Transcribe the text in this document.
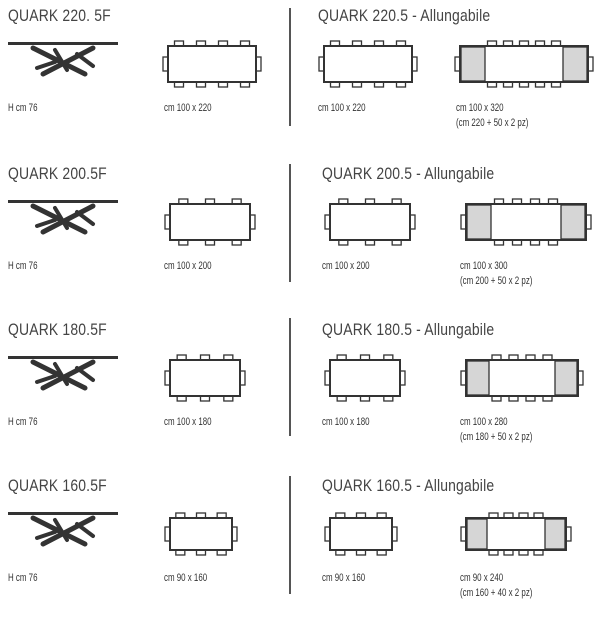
QUARK 220. 5F
H cm 76	cm 100 x 220
QUARK 220.5 - Allungabile
cm 100 x 220	cm 100 x 320
(cm 220 + 50 x 2 pz)
QUARK 200.5F
H cm 76	cm 100 x 200
QUARK 200.5 - Allungabile
cm 100 x 200	cm 100 x 300
(cm 200 + 50 x 2 pz)
QUARK 180.5F
H cm 76	cm 100 x 180
QUARK 180.5 - Allungabile
cm 100 x 180	cm 100 x 280
(cm 180 + 50 x 2 pz)
QUARK 160.5F
H cm 76	cm 90 x 160
QUARK 160.5 - Allungabile
cm 90 x 160	cm 90 x 240
(cm 160 + 40 x 2 pz)
